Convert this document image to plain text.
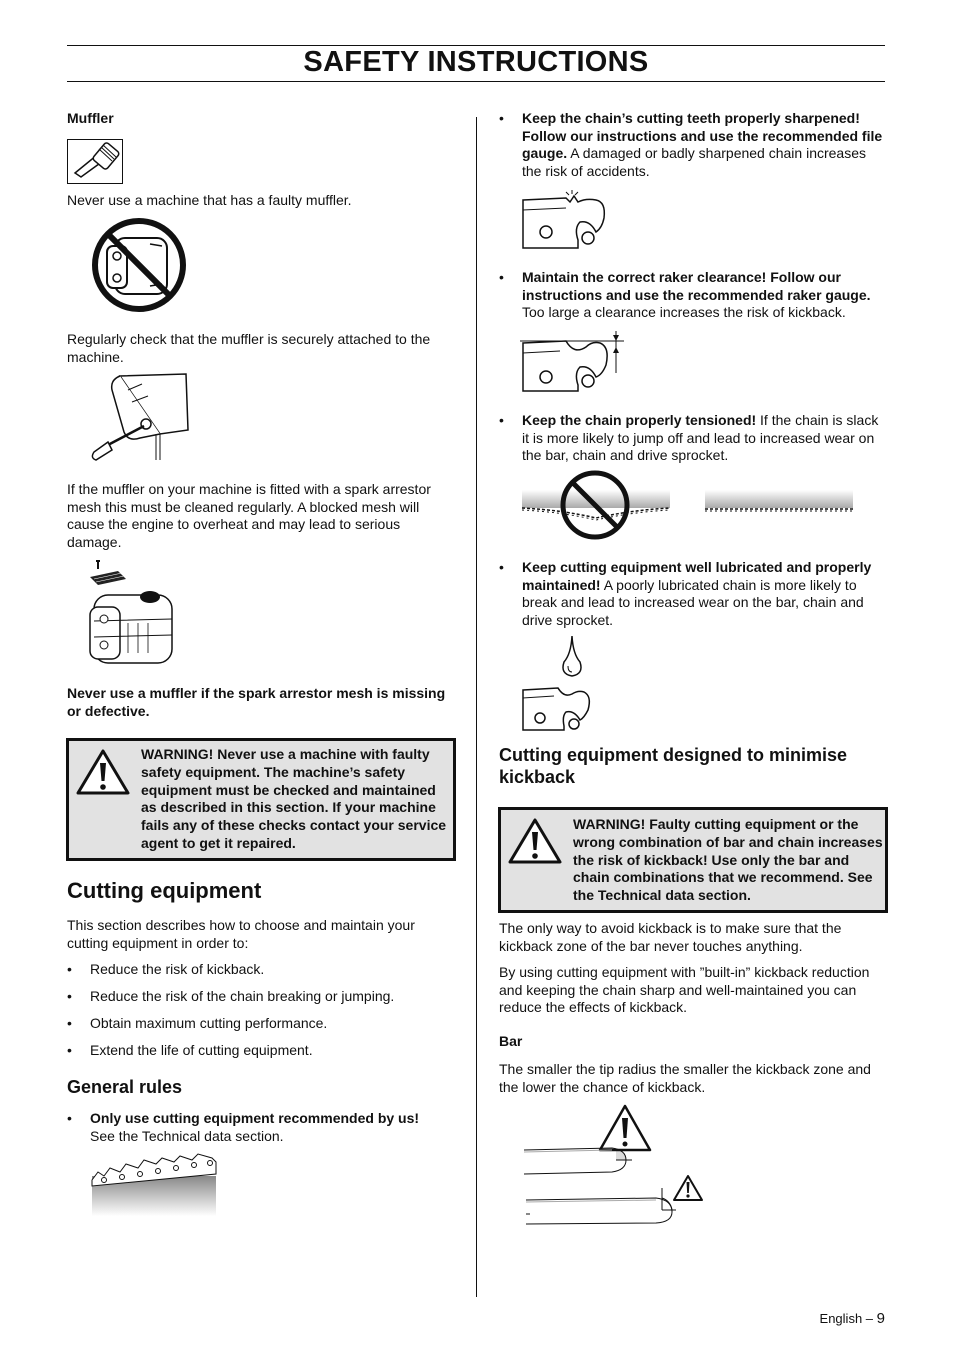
SAFETY INSTRUCTIONS
Muffler

Never use a machine that has a faulty muffler.

Regularly check that the muffler is securely attached to the machine.

If the muffler on your machine is fitted with a spark arrestor mesh this must be cleaned regularly. A blocked mesh will cause the engine to overheat and may lead to serious damage.

Never use a muffler if the spark arrestor mesh is missing or defective.

WARNING! Never use a machine with faulty safety equipment. The machine’s safety equipment must be checked and maintained as described in this section. If your machine fails any of these checks contact your service agent to get it repaired.
Cutting equipment

This section describes how to choose and maintain your cutting equipment in order to:

• Reduce the risk of kickback.
• Reduce the risk of the chain breaking or jumping.
• Obtain maximum cutting performance.
• Extend the life of cutting equipment.
General rules
• Only use cutting equipment recommended by us!
See the Technical data section.
• Keep the chain’s cutting teeth properly sharpened! Follow our instructions and use the recommended file gauge. A damaged or badly sharpened chain increases the risk of accidents.
• Maintain the correct raker clearance! Follow our instructions and use the recommended raker gauge.
Too large a clearance increases the risk of kickback.
• Keep the chain properly tensioned! If the chain is slack it is more likely to jump off and lead to increased wear on the bar, chain and drive sprocket.
• Keep cutting equipment well lubricated and properly maintained! A poorly lubricated chain is more likely to break and lead to increased wear on the bar, chain and drive sprocket.
Cutting equipment designed to minimise kickback
WARNING! Faulty cutting equipment or the wrong combination of bar and chain increases the risk of kickback! Use only the bar and chain combinations that we recommend. See the Technical data section.

The only way to avoid kickback is to make sure that the kickback zone of the bar never touches anything.

By using cutting equipment with ”built-in” kickback reduction and keeping the chain sharp and well-maintained you can reduce the effects of kickback.

Bar

The smaller the tip radius the smaller the kickback zone and the lower the chance of kickback.

English – 9
